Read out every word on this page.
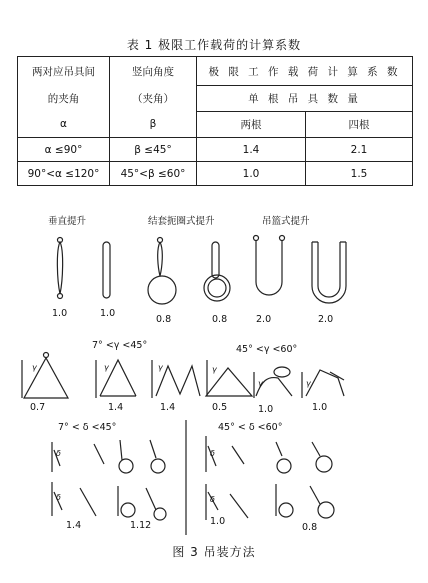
表 1 极限工作载荷的计算系数
两对应吊具间	竖向角度	极 限 工 作 载 荷 计 算 系 数	
的夹角	（夹角）	单 根 吊 具 数 量	
α	β	两根	四根
α ≤90°	β ≤45°	1.4	2.1
90°<α ≤120°	45°<β ≤60°	1.0	1.5
垂直提升	结套扼圈式提升	吊篮式提升
1.0	1.0
0.8	0.8	2.0	2.0
7° <γ <45°	45° <γ <60°
0.7	1.4	1.4	0.5	1.0	1.0
7° < δ <45°	45° < δ <60°
1.4	1.12	1.0
0.8
γ	γ	γ	γ
γ	γ
δ	δ
δ	δ
图 3 吊装方法
